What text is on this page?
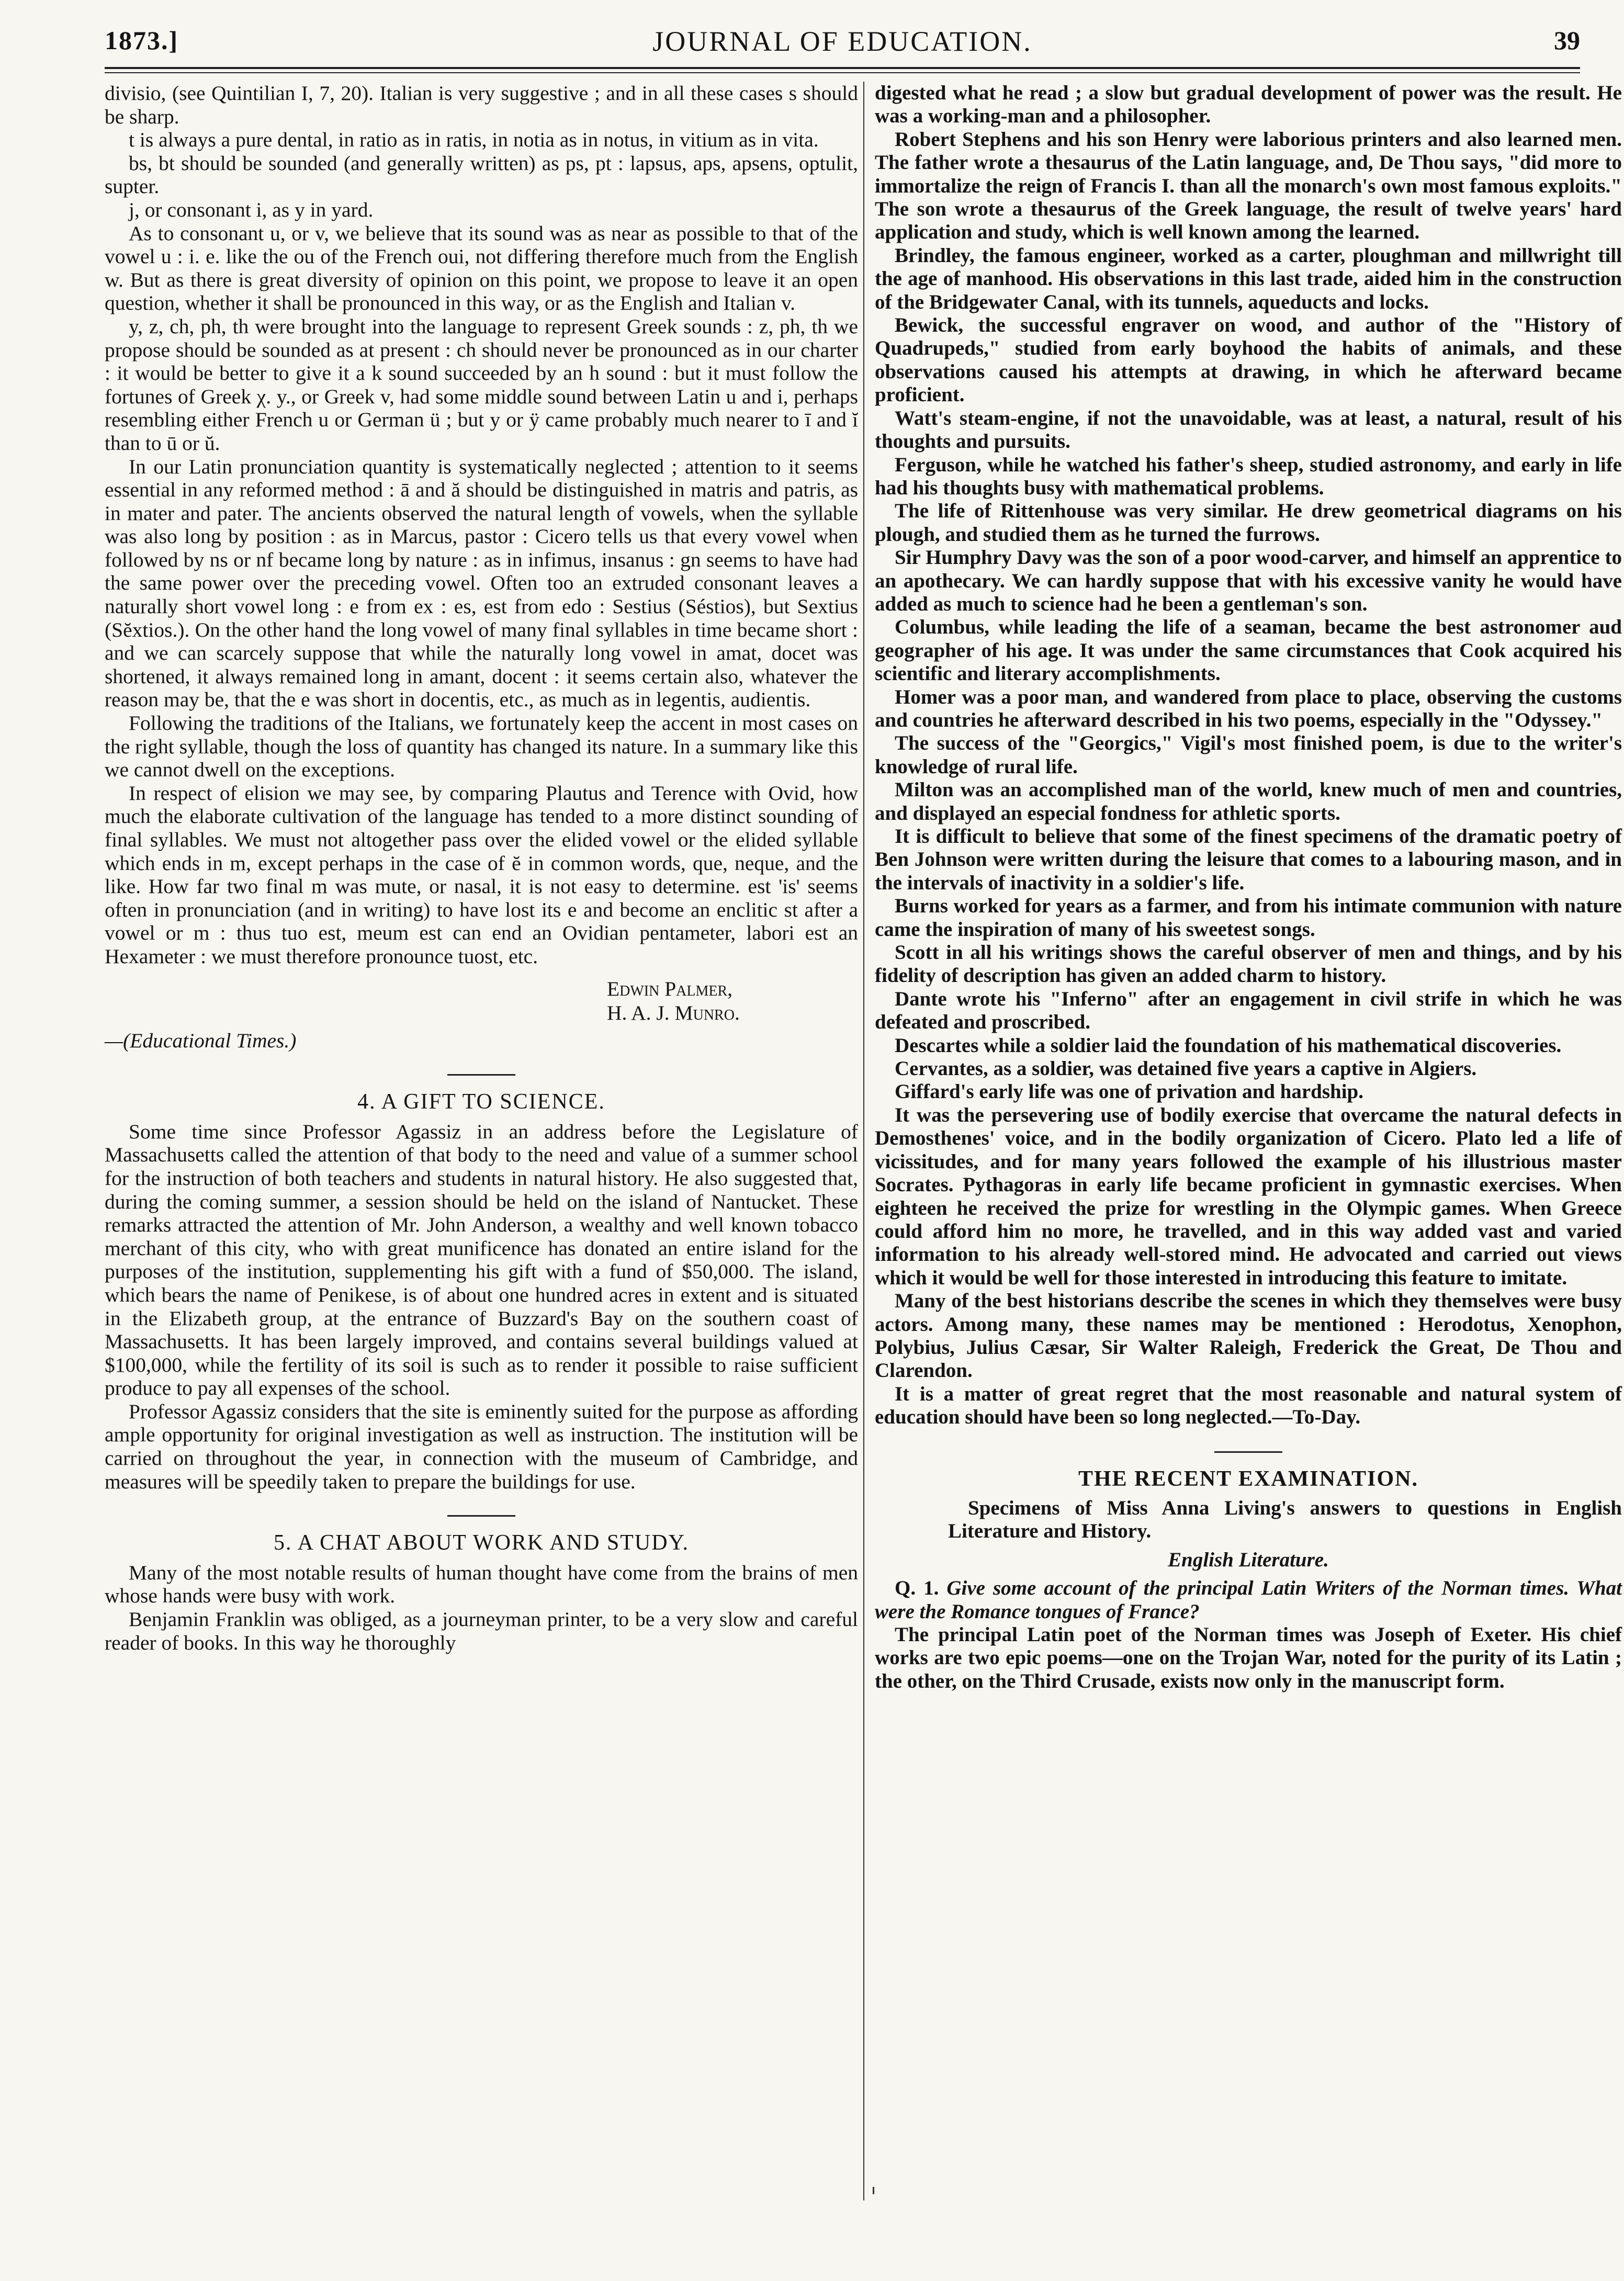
1873.]	JOURNAL OF EDUCATION.	39

divisio, (see Quintilian I, 7, 20). Italian is very suggestive ; and in all these cases s should be sharp.

t is always a pure dental, in ratio as in ratis, in notia as in notus, in vitium as in vita.

bs, bt should be sounded (and generally written) as ps, pt : lapsus, aps, apsens, optulit, supter.

j, or consonant i, as y in yard.

As to consonant u, or v, we believe that its sound was as near as possible to that of the vowel u : i. e. like the ou of the French oui, not differing therefore much from the English w. But as there is great diversity of opinion on this point, we propose to leave it an open question, whether it shall be pronounced in this way, or as the English and Italian v.

y, z, ch, ph, th were brought into the language to represent Greek sounds : z, ph, th we propose should be sounded as at present : ch should never be pronounced as in our charter : it would be better to give it a k sound succeeded by an h sound : but it must follow the fortunes of Greek χ. y., or Greek v, had some middle sound between Latin u and i, perhaps resembling either French u or German ü ; but y or ÿ came probably much nearer to ī and ĭ than to ū or ŭ.

In our Latin pronunciation quantity is systematically neglected ; attention to it seems essential in any reformed method : ā and ă should be distinguished in matris and patris, as in mater and pater. The ancients observed the natural length of vowels, when the syllable was also long by position : as in Marcus, pastor : Cicero tells us that every vowel when followed by ns or nf became long by nature : as in infimus, insanus : gn seems to have had the same power over the preceding vowel. Often too an extruded consonant leaves a naturally short vowel long : e from ex : es, est from edo : Sestius (Séstios), but Sextius (Sĕxtios.). On the other hand the long vowel of many final syllables in time became short : and we can scarcely suppose that while the naturally long vowel in amat, docet was shortened, it always remained long in amant, docent : it seems certain also, whatever the reason may be, that the e was short in docentis, etc., as much as in legentis, audientis.

Following the traditions of the Italians, we fortunately keep the accent in most cases on the right syllable, though the loss of quantity has changed its nature. In a summary like this we cannot dwell on the exceptions.

In respect of elision we may see, by comparing Plautus and Terence with Ovid, how much the elaborate cultivation of the language has tended to a more distinct sounding of final syllables. We must not altogether pass over the elided vowel or the elided syllable which ends in m, except perhaps in the case of ĕ in common words, que, neque, and the like. How far two final m was mute, or nasal, it is not easy to determine. est 'is' seems often in pronunciation (and in writing) to have lost its e and become an enclitic st after a vowel or m : thus tuo est, meum est can end an Ovidian pentameter, labori est an Hexameter : we must therefore pronounce tuost, etc.

Edwin Palmer,
H. A. J. Munro.

—(Educational Times.)

4. A GIFT TO SCIENCE.

Some time since Professor Agassiz in an address before the Legislature of Massachusetts called the attention of that body to the need and value of a summer school for the instruction of both teachers and students in natural history. He also suggested that, during the coming summer, a session should be held on the island of Nantucket. These remarks attracted the attention of Mr. John Anderson, a wealthy and well known tobacco merchant of this city, who with great munificence has donated an entire island for the purposes of the institution, supplementing his gift with a fund of $50,000. The island, which bears the name of Penikese, is of about one hundred acres in extent and is situated in the Elizabeth group, at the entrance of Buzzard's Bay on the southern coast of Massachusetts. It has been largely improved, and contains several buildings valued at $100,000, while the fertility of its soil is such as to render it possible to raise sufficient produce to pay all expenses of the school.

Professor Agassiz considers that the site is eminently suited for the purpose as affording ample opportunity for original investigation as well as instruction. The institution will be carried on throughout the year, in connection with the museum of Cambridge, and measures will be speedily taken to prepare the buildings for use.

5. A CHAT ABOUT WORK AND STUDY.

Many of the most notable results of human thought have come from the brains of men whose hands were busy with work.

Benjamin Franklin was obliged, as a journeyman printer, to be a very slow and careful reader of books. In this way he thoroughly

digested what he read ; a slow but gradual development of power was the result. He was a working-man and a philosopher.

Robert Stephens and his son Henry were laborious printers and also learned men. The father wrote a thesaurus of the Latin language, and, De Thou says, "did more to immortalize the reign of Francis I. than all the monarch's own most famous exploits." The son wrote a thesaurus of the Greek language, the result of twelve years' hard application and study, which is well known among the learned.

Brindley, the famous engineer, worked as a carter, ploughman and millwright till the age of manhood. His observations in this last trade, aided him in the construction of the Bridgewater Canal, with its tunnels, aqueducts and locks.

Bewick, the successful engraver on wood, and author of the "History of Quadrupeds," studied from early boyhood the habits of animals, and these observations caused his attempts at drawing, in which he afterward became proficient.

Watt's steam-engine, if not the unavoidable, was at least, a natural, result of his thoughts and pursuits.

Ferguson, while he watched his father's sheep, studied astronomy, and early in life had his thoughts busy with mathematical problems.

The life of Rittenhouse was very similar. He drew geometrical diagrams on his plough, and studied them as he turned the furrows.

Sir Humphry Davy was the son of a poor wood-carver, and himself an apprentice to an apothecary. We can hardly suppose that with his excessive vanity he would have added as much to science had he been a gentleman's son.

Columbus, while leading the life of a seaman, became the best astronomer aud geographer of his age. It was under the same circumstances that Cook acquired his scientific and literary accomplishments.

Homer was a poor man, and wandered from place to place, observing the customs and countries he afterward described in his two poems, especially in the "Odyssey."

The success of the "Georgics," Vigil's most finished poem, is due to the writer's knowledge of rural life.

Milton was an accomplished man of the world, knew much of men and countries, and displayed an especial fondness for athletic sports.

It is difficult to believe that some of the finest specimens of the dramatic poetry of Ben Johnson were written during the leisure that comes to a labouring mason, and in the intervals of inactivity in a soldier's life.

Burns worked for years as a farmer, and from his intimate communion with nature came the inspiration of many of his sweetest songs.

Scott in all his writings shows the careful observer of men and things, and by his fidelity of description has given an added charm to history.

Dante wrote his "Inferno" after an engagement in civil strife in which he was defeated and proscribed.

Descartes while a soldier laid the foundation of his mathematical discoveries.

Cervantes, as a soldier, was detained five years a captive in Algiers.

Giffard's early life was one of privation and hardship.

It was the persevering use of bodily exercise that overcame the natural defects in Demosthenes' voice, and in the bodily organization of Cicero. Plato led a life of vicissitudes, and for many years followed the example of his illustrious master Socrates. Pythagoras in early life became proficient in gymnastic exercises. When eighteen he received the prize for wrestling in the Olympic games. When Greece could afford him no more, he travelled, and in this way added vast and varied information to his already well-stored mind. He advocated and carried out views which it would be well for those interested in introducing this feature to imitate.

Many of the best historians describe the scenes in which they themselves were busy actors. Among many, these names may be mentioned : Herodotus, Xenophon, Polybius, Julius Cæsar, Sir Walter Raleigh, Frederick the Great, De Thou and Clarendon.

It is a matter of great regret that the most reasonable and natural system of education should have been so long neglected.—To-Day.

THE RECENT EXAMINATION.

Specimens of Miss Anna Living's answers to questions in English Literature and History.

English Literature.

Q. 1. Give some account of the principal Latin Writers of the Norman times. What were the Romance tongues of France?

The principal Latin poet of the Norman times was Joseph of Exeter. His chief works are two epic poems—one on the Trojan War, noted for the purity of its Latin ; the other, on the Third Crusade, exists now only in the manuscript form.
